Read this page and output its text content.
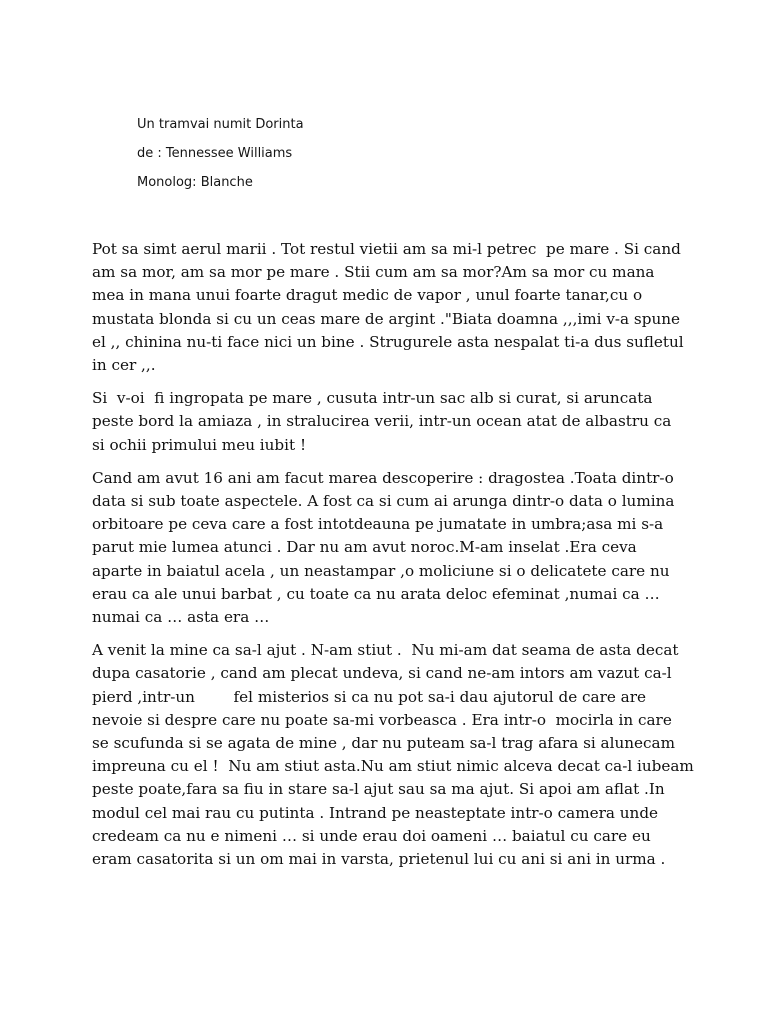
Un tramvai numit Dorinta
de : Tennessee Williams
Monolog: Blanche
Pot sa simt aerul marii . Tot restul vietii am sa mi-l petrec  pe mare . Si cand
am sa mor, am sa mor pe mare . Stii cum am sa mor?Am sa mor cu mana
mea in mana unui foarte dragut medic de vapor , unul foarte tanar,cu o
mustata blonda si cu un ceas mare de argint ."Biata doamna ,,,imi v-a spune
el ,, chinina nu-ti face nici un bine . Strugurele asta nespalat ti-a dus sufletul
in cer ,,.
Si  v-oi  fi ingropata pe mare , cusuta intr-un sac alb si curat, si aruncata
peste bord la amiaza , in stralucirea verii, intr-un ocean atat de albastru ca
si ochii primului meu iubit !
Cand am avut 16 ani am facut marea descoperire : dragostea .Toata dintr-o
data si sub toate aspectele. A fost ca si cum ai arunga dintr-o data o lumina
orbitoare pe ceva care a fost intotdeauna pe jumatate in umbra;asa mi s-a
parut mie lumea atunci . Dar nu am avut noroc.M-am inselat .Era ceva
aparte in baiatul acela , un neastampar ,o moliciune si o delicatete care nu
erau ca ale unui barbat , cu toate ca nu arata deloc efeminat ,numai ca …
numai ca … asta era …
A venit la mine ca sa-l ajut . N-am stiut .  Nu mi-am dat seama de asta decat
dupa casatorie , cand am plecat undeva, si cand ne-am intors am vazut ca-l
pierd ,intr-un        fel misterios si ca nu pot sa-i dau ajutorul de care are
nevoie si despre care nu poate sa-mi vorbeasca . Era intr-o  mocirla in care
se scufunda si se agata de mine , dar nu puteam sa-l trag afara si alunecam
impreuna cu el !  Nu am stiut asta.Nu am stiut nimic alceva decat ca-l iubeam
peste poate,fara sa fiu in stare sa-l ajut sau sa ma ajut. Si apoi am aflat .In
modul cel mai rau cu putinta . Intrand pe neasteptate intr-o camera unde
credeam ca nu e nimeni … si unde erau doi oameni … baiatul cu care eu
eram casatorita si un om mai in varsta, prietenul lui cu ani si ani in urma .
